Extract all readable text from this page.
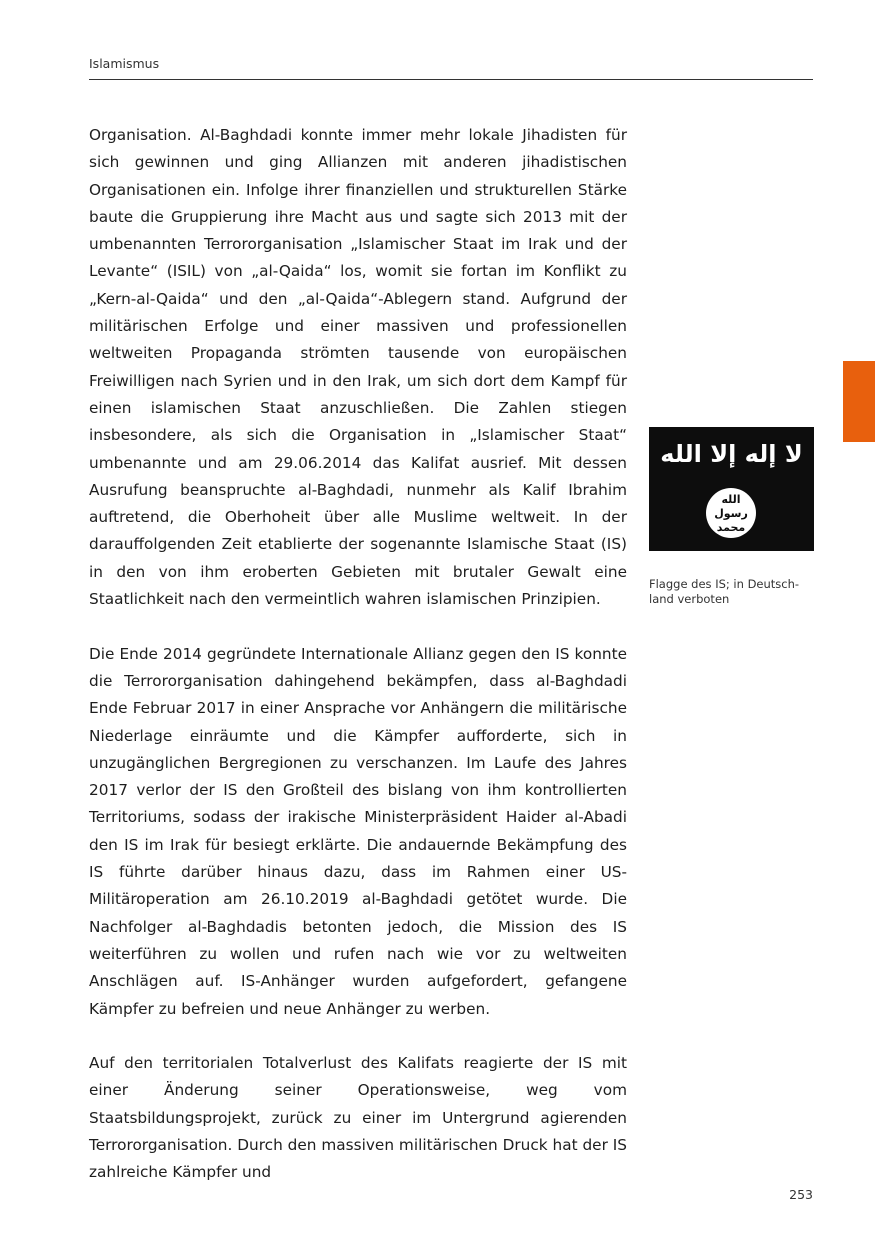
Islamismus

Organisation. Al-Baghdadi konnte immer mehr lokale Jihadisten für sich gewinnen und ging Allianzen mit anderen jihadistischen Organisationen ein. Infolge ihrer finanziellen und strukturellen Stärke baute die Gruppierung ihre Macht aus und sagte sich 2013 mit der umbenannten Terrororganisation „Islamischer Staat im Irak und der Levante“ (ISIL) von „al-Qaida“ los, womit sie fortan im Konflikt zu „Kern-al-Qaida“ und den „al-Qaida“-Ablegern stand. Aufgrund der militärischen Erfolge und einer massiven und professionellen weltweiten Propaganda strömten tausende von europäischen Freiwilligen nach Syrien und in den Irak, um sich dort dem Kampf für einen islamischen Staat anzuschließen. Die Zahlen stiegen insbesondere, als sich die Organisation in „Islamischer Staat“ umbenannte und am 29.06.2014 das Kalifat ausrief. Mit dessen Ausrufung beanspruchte al-Baghdadi, nunmehr als Kalif Ibrahim auftretend, die Oberhoheit über alle Muslime weltweit. In der darauffolgenden Zeit etablierte der sogenannte Islamische Staat (IS) in den von ihm eroberten Gebieten mit brutaler Gewalt eine Staatlichkeit nach den vermeintlich wahren islamischen Prinzipien.

Die Ende 2014 gegründete Internationale Allianz gegen den IS konnte die Terrororganisation dahingehend bekämpfen, dass al-Baghdadi Ende Februar 2017 in einer Ansprache vor Anhängern die militärische Niederlage einräumte und die Kämpfer aufforderte, sich in unzugänglichen Bergregionen zu verschanzen. Im Laufe des Jahres 2017 verlor der IS den Großteil des bislang von ihm kontrollierten Territoriums, sodass der irakische Ministerpräsident Haider al-Abadi den IS im Irak für besiegt erklärte. Die andauernde Bekämpfung des IS führte darüber hinaus dazu, dass im Rahmen einer US-Militäroperation am 26.10.2019 al-Baghdadi getötet wurde. Die Nachfolger al-Baghdadis betonten jedoch, die Mission des IS weiterführen zu wollen und rufen nach wie vor zu weltweiten Anschlägen auf. IS-Anhänger wurden aufgefordert, gefangene Kämpfer zu befreien und neue Anhänger zu werben.

Auf den territorialen Totalverlust des Kalifats reagierte der IS mit einer Änderung seiner Operationsweise, weg vom Staatsbildungsprojekt, zurück zu einer im Untergrund agierenden Terrororganisation. Durch den massiven militärischen Druck hat der IS zahlreiche Kämpfer und

لا إله إلا الله
الله
رسول
محمد
Flagge des IS; in Deutschland verboten
253
